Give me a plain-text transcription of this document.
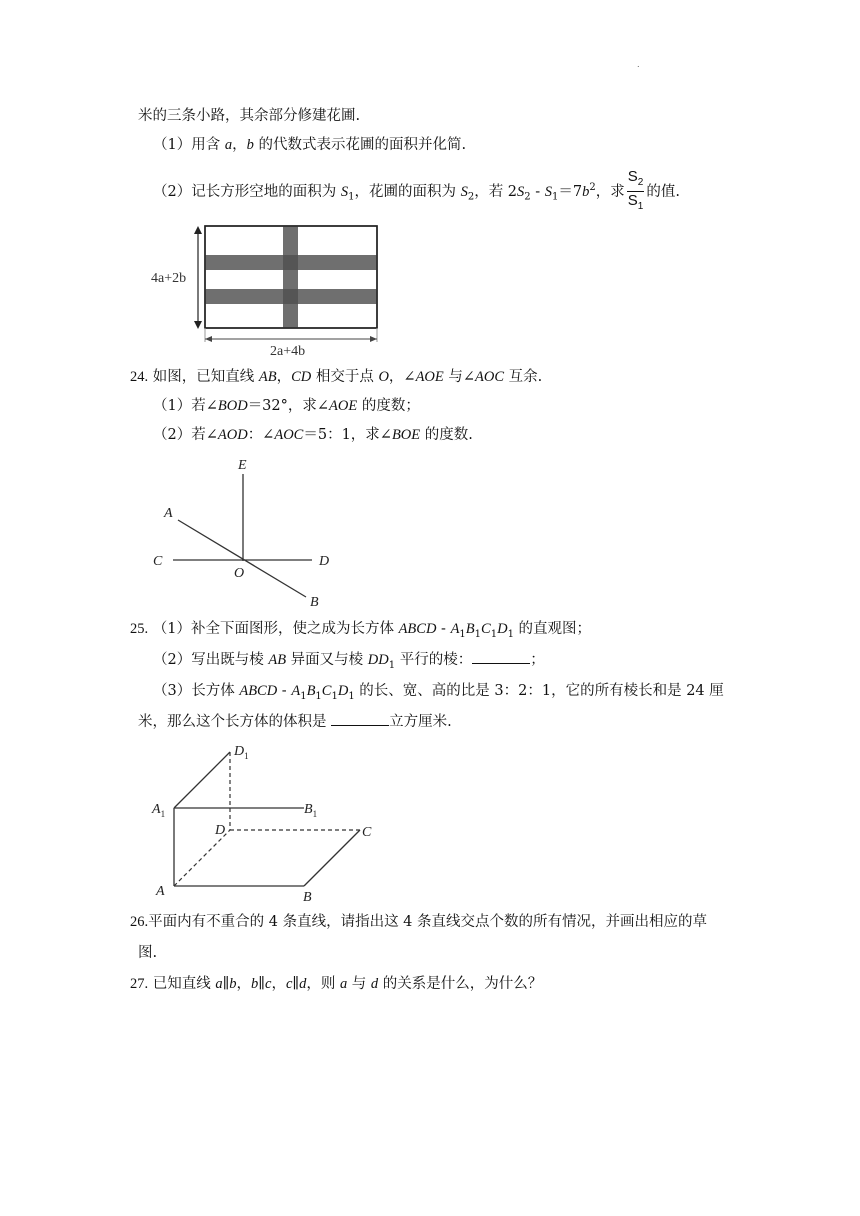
.
米的三条小路，其余部分修建花圃.
（1）用含 a，b 的代数式表示花圃的面积并化简.
（2）记长方形空地的面积为 $S_1$，花圃的面积为 $S_2$，若 $2S_2$ ‑ $S_1=7b^2$，求 $\frac{S_2}{S_1}$ 的值.
4a+2b
2a+4b
24. 如图，已知直线 AB，CD 相交于点 O，∠AOE 与∠AOC 互余.
（1）若∠BOD＝32°，求∠AOE 的度数；
（2）若∠AOD：∠AOC＝5：1，求∠BOE 的度数.
E
A
C
O
D
B
25. （1）补全下面图形，使之成为长方体 ABCD ‑ $A_1B_1C_1D_1$ 的直观图；
（2）写出既与棱 AB 异面又与棱 $DD_1$ 平行的棱：	；
（3）长方体 ABCD ‑ $A_1B_1C_1D_1$ 的长、宽、高的比是 3：2：1，它的所有棱长和是 24 厘
米，那么这个长方体的体积是	立方厘米.
$D_1$
$A_1$	$B_1$
D	C
A	B
26.平面内有不重合的 4 条直线，请指出这 4 条直线交点个数的所有情况，并画出相应的草
图.
27. 已知直线 a∥b，b∥c，c∥d，则 a 与 d 的关系是什么，为什么？
